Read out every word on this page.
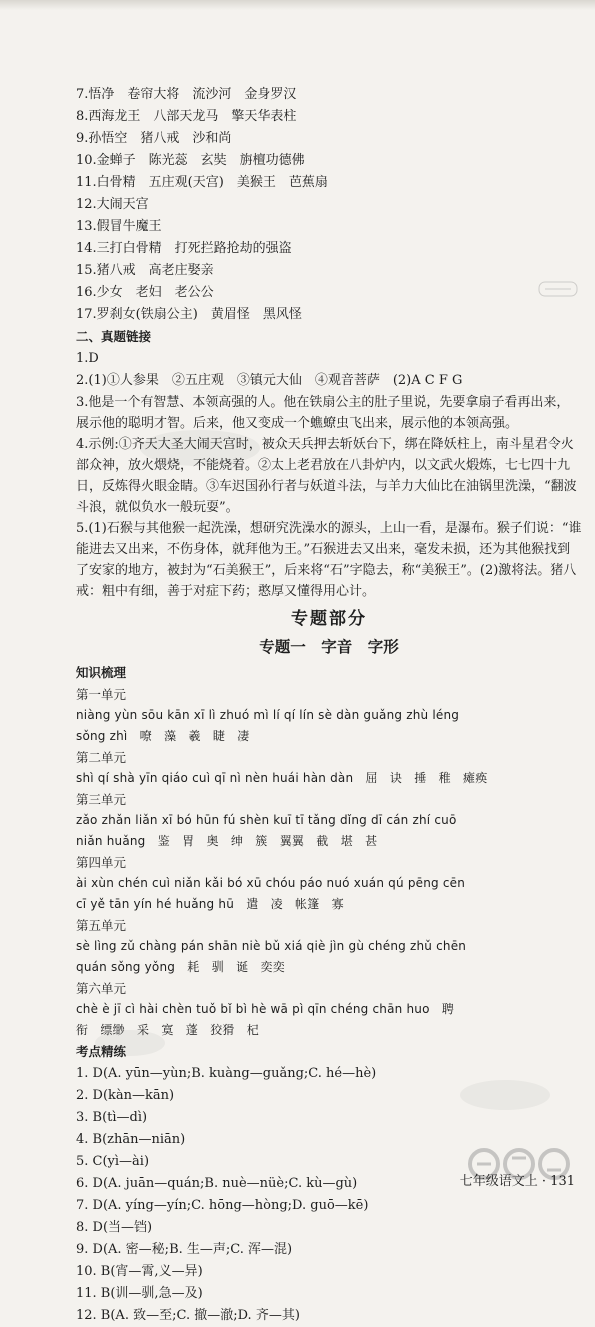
7.悟净　卷帘大将　流沙河　金身罗汉
8.西海龙王　八部天龙马　擎天华表柱
9.孙悟空　猪八戒　沙和尚
10.金蝉子　陈光蕊　玄奘　旃檀功德佛
11.白骨精　五庄观(天宫)　美猴王　芭蕉扇
12.大闹天宫
13.假冒牛魔王
14.三打白骨精　打死拦路抢劫的强盗
15.猪八戒　高老庄娶亲
16.少女　老妇　老公公
17.罗刹女(铁扇公主)　黄眉怪　黑风怪
二、真题链接
1.D
2.(1)①人参果　②五庄观　③镇元大仙　④观音菩萨　(2)A C F G
3.他是一个有智慧、本领高强的人。他在铁扇公主的肚子里说，先要拿扇子看再出来，展示他的聪明才智。后来，他又变成一个蟭蟟虫飞出来，展示他的本领高强。
4.示例:①齐天大圣大闹天宫时，被众天兵押去斩妖台下，绑在降妖柱上，南斗星君令火部众神，放火煨烧，不能烧着。②太上老君放在八卦炉内，以文武火煅炼，七七四十九日，反炼得火眼金睛。③车迟国孙行者与妖道斗法，与羊力大仙比在油锅里洗澡，“翻波斗浪，就似负水一般玩耍”。
5.(1)石猴与其他猴一起洗澡，想研究洗澡水的源头，上山一看，是瀑布。猴子们说：“谁能进去又出来，不伤身体，就拜他为王。”石猴进去又出来，毫发未损，还为其他猴找到了安家的地方，被封为“石美猴王”，后来将“石”字隐去，称“美猴王”。(2)激将法。猪八戒：粗中有细，善于对症下药；憨厚又懂得用心计。
专题部分
专题一　字音　字形
知识梳理
第一单元
niàng yùn sōu kān xī lì zhuó mì lí qí lín sè dàn guǎng zhù léng
sǒng zhì　嘹　藻　羲　睫　凄
第二单元
shì qí shà yīn qiáo cuì qī nì nèn huái hàn dàn　屈　诀　捶　稚　瘫痪
第三单元
zǎo zhǎn liǎn xī bó hūn fú shèn kuī tī tǎng dǐng dī cán zhí cuō
niǎn huǎng　鉴　胃　奥　绅　簇　翼翼　截　堪　甚
第四单元
ài xùn chén cuì niǎn kǎi bó xū chóu páo nuó xuán qú pēng cēn
cī yě tān yín hé huǎng hū　遣　凌　帐篷　寡
第五单元
sè lìng zǔ chàng pán shān niè bǔ xiá qiè jìn gù chéng zhǔ chēn
quán sǒng yǒng　耗　驯　诞　奕奕
第六单元
chè è jī cì hài chèn tuǒ bǐ bì hè wā pì qīn chéng chān huo　聘
衔　缥缈　采　寞　蓬　狡猾　杞
考点精练
1. D(A. yūn—yùn;B. kuàng—guǎng;C. hé—hè)
2. D(kàn—kān)
3. B(tì—dì)
4. B(zhān—niān)
5. C(yì—ài)
6. D(A. juān—quán;B. nuè—nüè;C. kù—gù)
7. D(A. yíng—yín;C. hōng—hòng;D. guō—kē)
8. D(当—铛)
9. D(A. 密—秘;B. 生—声;C. 浑—混)
10. B(宵—霄,义—异)
11. B(训—驯,急—及)
12. B(A. 致—至;C. 撤—澈;D. 齐—其)
七年级语文上 · 131
